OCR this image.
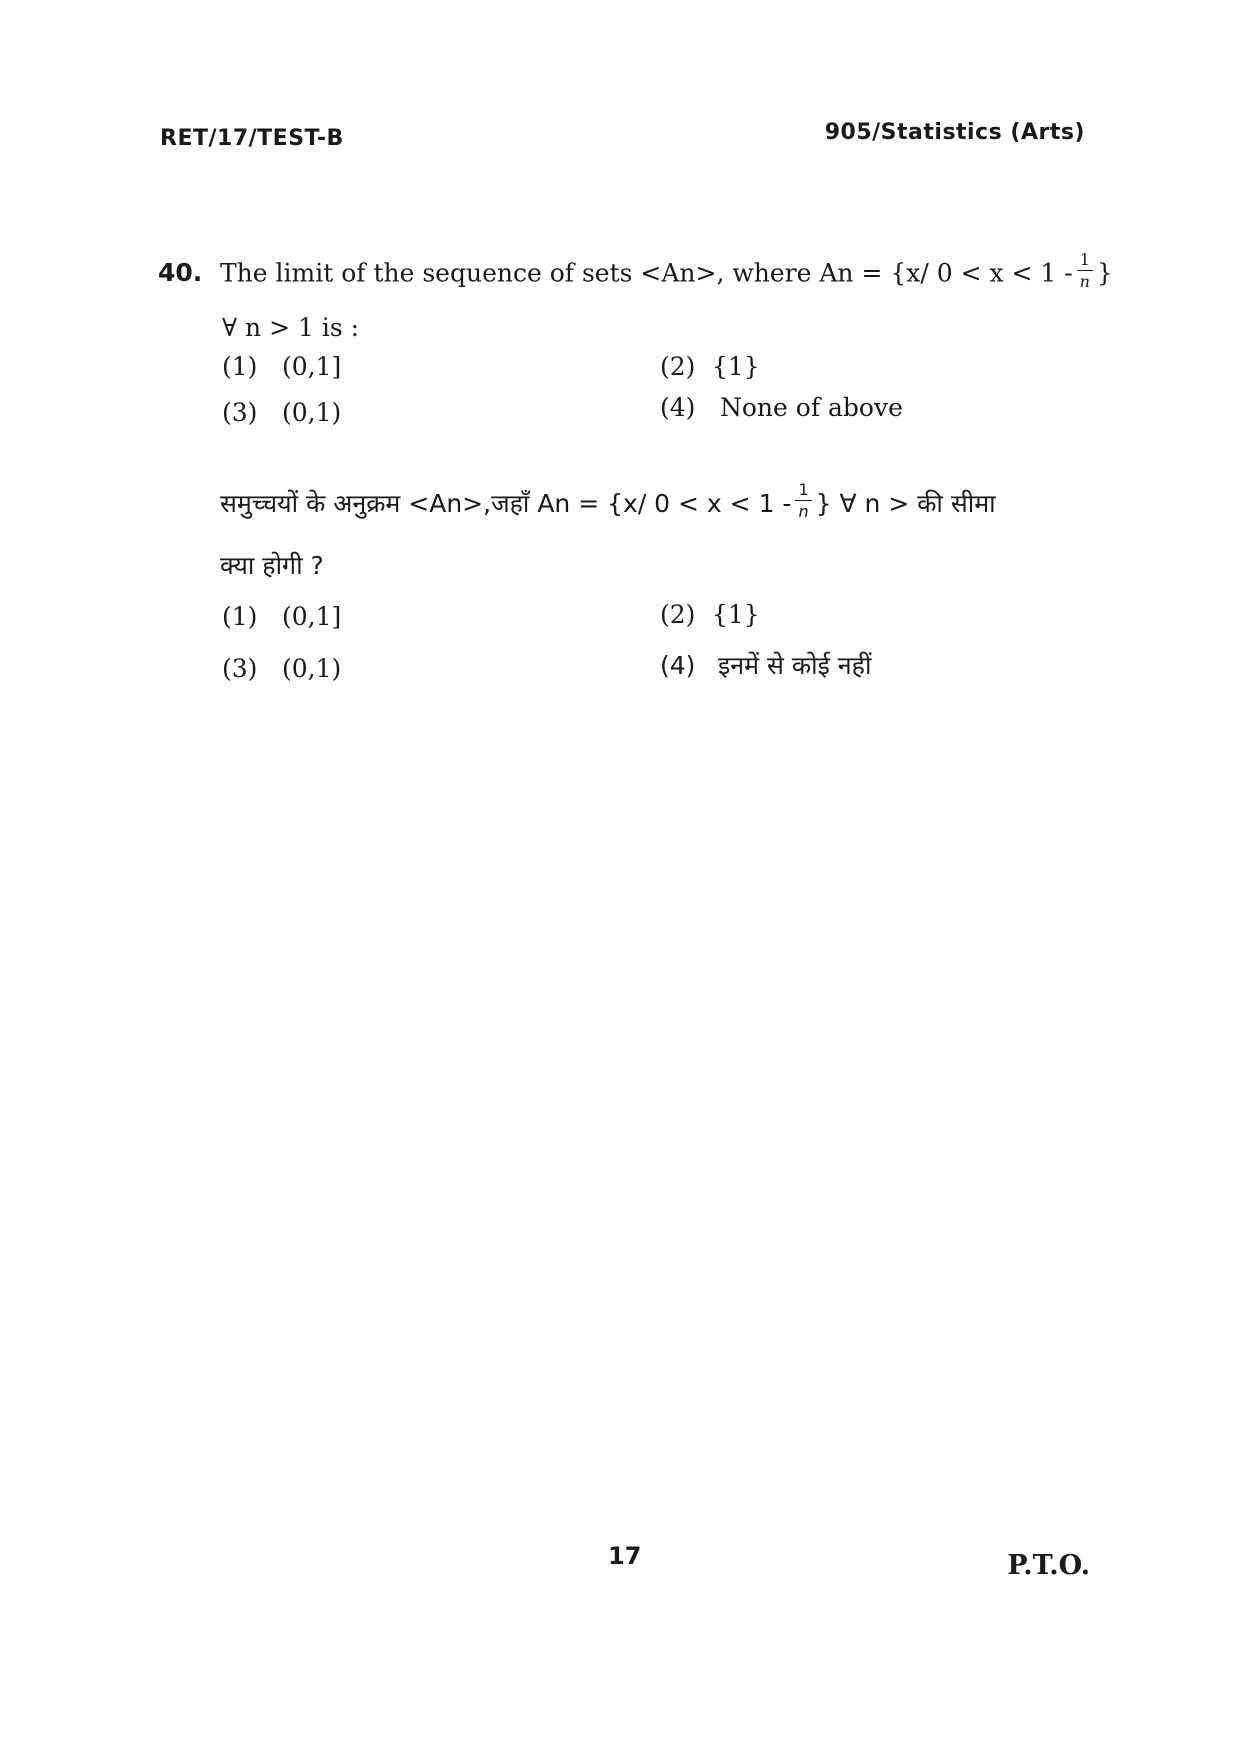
RET/17/TEST-B	905/Statistics (Arts)
40. The limit of the sequence of sets <An>, where An = {x/ $0 < x < 1 - \frac{1}{n}$ }
∀ n > 1 is :
(1) (0,1]	(2) {1}
(3) (0,1)	(4) None of above
समुच्चयों के अनुक्रम <An>,जहाँ An = {x/ $0 < x < 1 - \frac{1}{n}$ } ∀ n > की सीमा
क्या होगी ?
(1) (0,1]	(2) {1}
(3) (0,1)	(4) इनमें से कोई नहीं
17	P.T.O.
